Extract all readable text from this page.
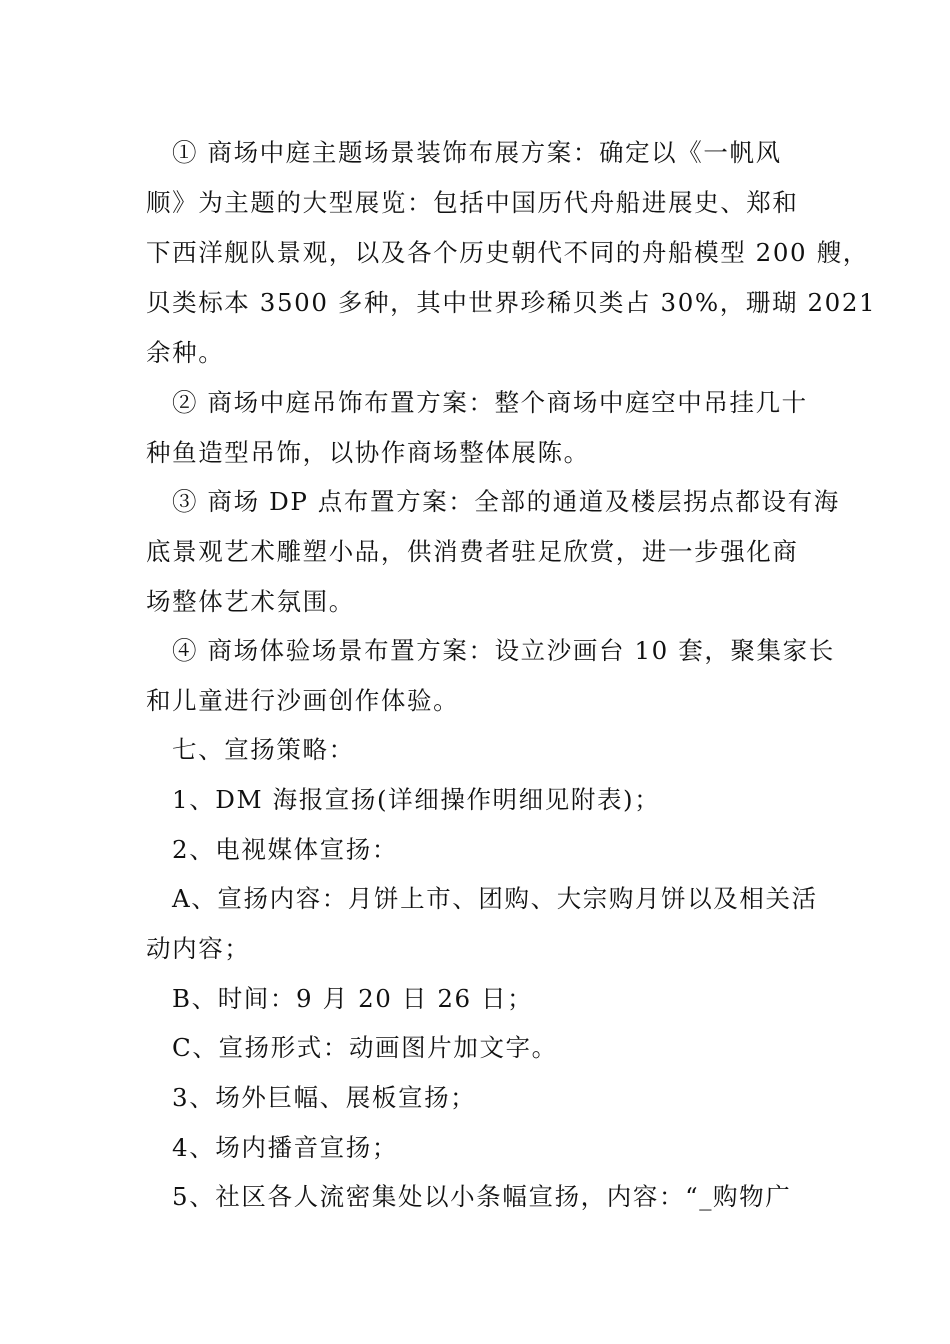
① 商场中庭主题场景装饰布展方案：确定以《一帆风
顺》为主题的大型展览：包括中国历代舟船进展史、郑和
下西洋舰队景观，以及各个历史朝代不同的舟船模型 200 艘，
贝类标本 3500 多种，其中世界珍稀贝类占 30%，珊瑚 2021
余种。
② 商场中庭吊饰布置方案：整个商场中庭空中吊挂几十
种鱼造型吊饰，以协作商场整体展陈。
③ 商场 DP 点布置方案：全部的通道及楼层拐点都设有海
底景观艺术雕塑小品，供消费者驻足欣赏，进一步强化商
场整体艺术氛围。
④ 商场体验场景布置方案：设立沙画台 10 套，聚集家长
和儿童进行沙画创作体验。
七、宣扬策略：
1、DM 海报宣扬(详细操作明细见附表)；
2、电视媒体宣扬：
A、宣扬内容：月饼上市、团购、大宗购月饼以及相关活
动内容；
B、时间：9 月 20 日 26 日；
C、宣扬形式：动画图片加文字。
3、场外巨幅、展板宣扬；
4、场内播音宣扬；
5、社区各人流密集处以小条幅宣扬，内容：“_购物广
